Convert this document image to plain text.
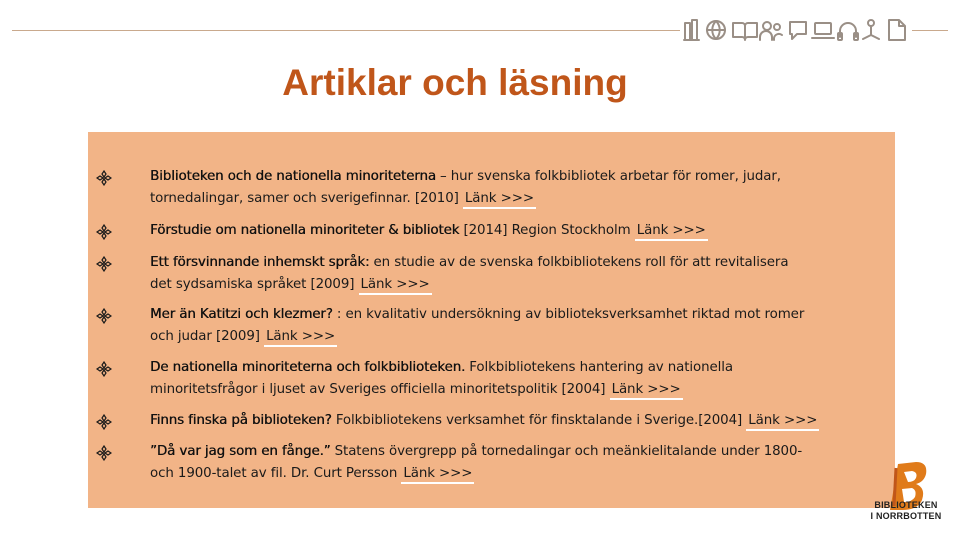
Artiklar och läsning
Biblioteken och de nationella minoriteterna – hur svenska folkbibliotek arbetar för romer, judar,
tornedalingar, samer och sverigefinnar. [2010] Länk >>>
Förstudie om nationella minoriteter & bibliotek [2014] Region Stockholm Länk >>>
Ett försvinnande inhemskt språk: en studie av de svenska folkbibliotekens roll för att revitalisera
det sydsamiska språket [2009] Länk >>>
Mer än Katitzi och klezmer? : en kvalitativ undersökning av biblioteksverksamhet riktad mot romer
och judar [2009] Länk >>>
De nationella minoriteterna och folkbiblioteken. Folkbibliotekens hantering av nationella
minoritetsfrågor i ljuset av Sveriges officiella minoritetspolitik [2004] Länk >>>
Finns finska på biblioteken? Folkbibliotekens verksamhet för finsktalande i Sverige.[2004] Länk >>>
”Då var jag som en fånge.” Statens övergrepp på tornedalingar och meänkielitalande under 1800-
och 1900-talet av fil. Dr. Curt Persson Länk >>>
BIBLIOTEKEN
I NORRBOTTEN
